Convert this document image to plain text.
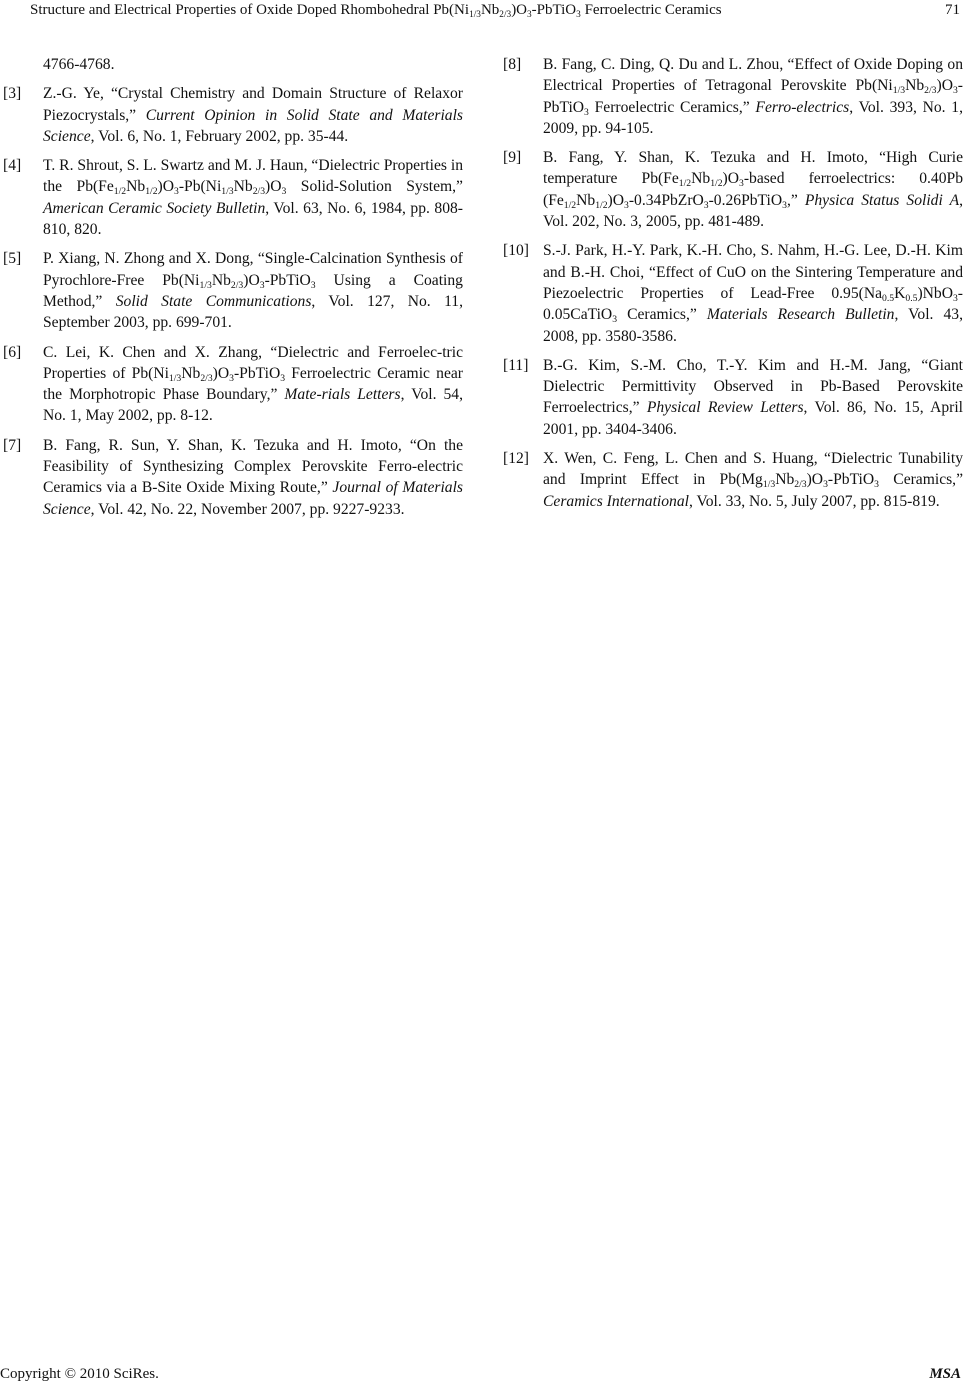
Structure and Electrical Properties of Oxide Doped Rhombohedral $Pb(Ni_{1/3}Nb_{2/3})O_3-PbTiO_3$ Ferroelectric Ceramics	71
4766-4768.
[3] Z.-G. Ye, “Crystal Chemistry and Domain Structure of Relaxor Piezocrystals,” Current Opinion in Solid State and Materials Science, Vol. 6, No. 1, February 2002, pp. 35-44.
[4] T. R. Shrout, S. L. Swartz and M. J. Haun, “Dielectric Properties in the $Pb(Fe_{1/2}Nb_{1/2})O_3-Pb(Ni_{1/3}Nb_{2/3})O_3$ Solid-Solution System,” American Ceramic Society Bulletin, Vol. 63, No. 6, 1984, pp. 808-810, 820.
[5] P. Xiang, N. Zhong and X. Dong, “Single-Calcination Synthesis of Pyrochlore-Free $Pb(Ni_{1/3}Nb_{2/3})O_3-PbTiO_3$ Using a Coating Method,” Solid State Communications, Vol. 127, No. 11, September 2003, pp. 699-701.
[6] C. Lei, K. Chen and X. Zhang, “Dielectric and Ferroelec-tric Properties of $Pb(Ni_{1/3}Nb_{2/3})O_3-PbTiO_3$ Ferroelectric Ceramic near the Morphotropic Phase Boundary,” Mate-rials Letters, Vol. 54, No. 1, May 2002, pp. 8-12.
[7] B. Fang, R. Sun, Y. Shan, K. Tezuka and H. Imoto, “On the Feasibility of Synthesizing Complex Perovskite Ferro-electric Ceramics via a B-Site Oxide Mixing Route,” Journal of Materials Science, Vol. 42, No. 22, November 2007, pp. 9227-9233.
[8] B. Fang, C. Ding, Q. Du and L. Zhou, “Effect of Oxide Doping on Electrical Properties of Tetragonal Perovskite $Pb(Ni_{1/3}Nb_{2/3})O_3-PbTiO_3$ Ferroelectric Ceramics,” Ferro-electrics, Vol. 393, No. 1, 2009, pp. 94-105.
[9] B. Fang, Y. Shan, K. Tezuka and H. Imoto, “High Curie temperature $Pb(Fe_{1/2}Nb_{1/2})O_3$-based ferroelectrics: 0.40Pb $(Fe_{1/2}Nb_{1/2})O_3-0.34PbZrO_3-0.26PbTiO_3$,” Physica Status Solidi A, Vol. 202, No. 3, 2005, pp. 481-489.
[10] S.-J. Park, H.-Y. Park, K.-H. Cho, S. Nahm, H.-G. Lee, D.-H. Kim and B.-H. Choi, “Effect of CuO on the Sintering Temperature and Piezoelectric Properties of Lead-Free $0.95(Na_{0.5}K_{0.5})NbO_3-0.05CaTiO_3$ Ceramics,” Materials Research Bulletin, Vol. 43, 2008, pp. 3580-3586.
[11] B.-G. Kim, S.-M. Cho, T.-Y. Kim and H.-M. Jang, “Giant Dielectric Permittivity Observed in Pb-Based Perovskite Ferroelectrics,” Physical Review Letters, Vol. 86, No. 15, April 2001, pp. 3404-3406.
[12] X. Wen, C. Feng, L. Chen and S. Huang, “Dielectric Tunability and Imprint Effect in $Pb(Mg_{1/3}Nb_{2/3})O_3-PbTiO_3$ Ceramics,” Ceramics International, Vol. 33, No. 5, July 2007, pp. 815-819.
Copyright © 2010 SciRes.	MSA
